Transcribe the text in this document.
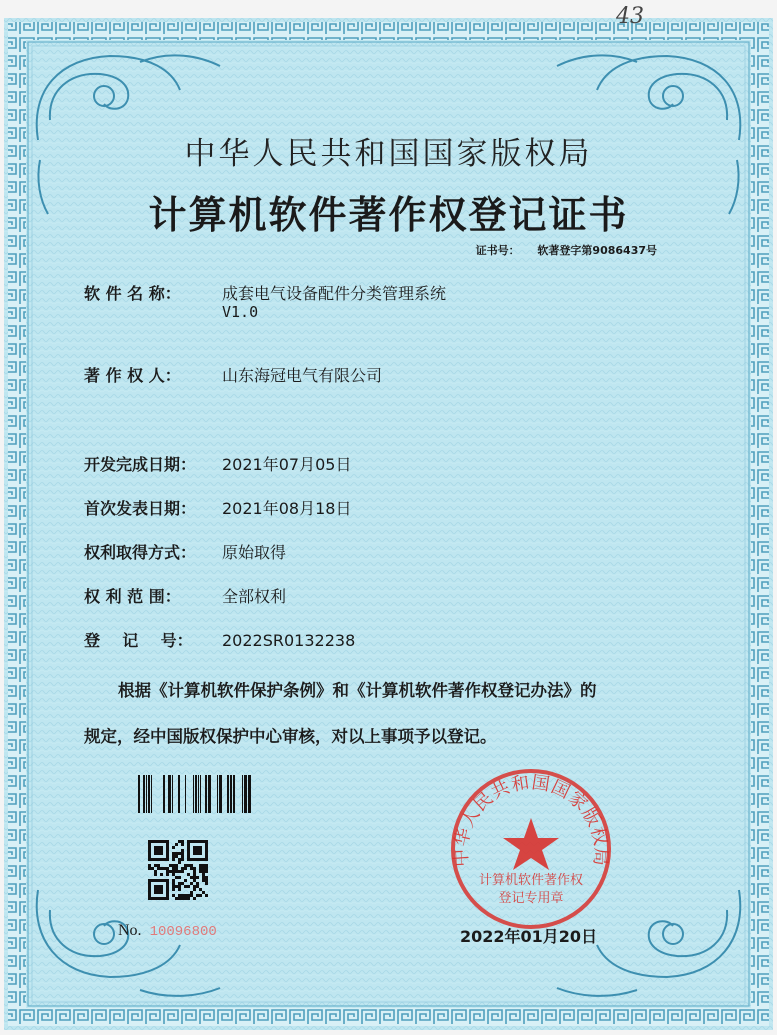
中华人民共和国国家版权局
43
中华人民共和国国家版权局
计算机软件著作权登记证书
证书号： 软著登字第9086437号
软 件 名 称：	成套电气设备配件分类管理系统
V1.0
著 作 权 人：	山东海冠电气有限公司
开发完成日期： 2021年07月05日
首次发表日期： 2021年08月18日
权利取得方式： 原始取得
权 利 范 围：	全部权利
登    记    号： 2022SR0132238
根据《计算机软件保护条例》和《计算机软件著作权登记办法》的
规定，经中国版权保护中心审核，对以上事项予以登记。
No. 10096800
计算机软件著作权
登记专用章
2022年01月20日
